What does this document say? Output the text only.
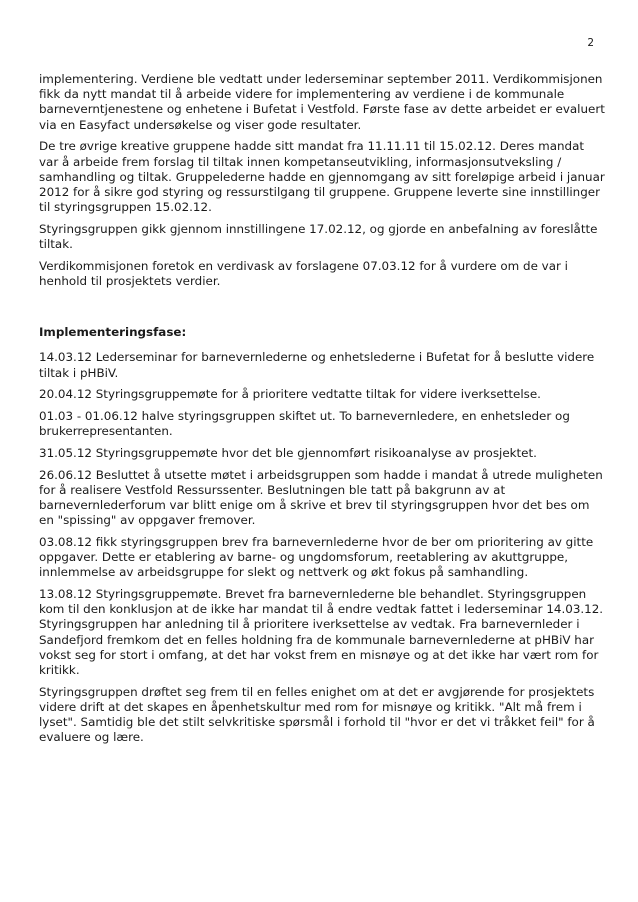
2

implementering. Verdiene ble vedtatt under lederseminar september 2011. Verdikommisjonen fikk da nytt mandat til å arbeide videre for implementering av verdiene i de kommunale barneverntjenestene og enhetene i Bufetat i Vestfold. Første fase av dette arbeidet er evaluert via en Easyfact undersøkelse og viser gode resultater.

De tre øvrige kreative gruppene hadde sitt mandat fra 11.11.11 til 15.02.12. Deres mandat var å arbeide frem forslag til tiltak innen kompetanseutvikling, informasjonsutveksling / samhandling og tiltak. Gruppelederne hadde en gjennomgang av sitt foreløpige arbeid i januar 2012 for å sikre god styring og ressurstilgang til gruppene. Gruppene leverte sine innstillinger til styringsgruppen 15.02.12.

Styringsgruppen gikk gjennom innstillingene 17.02.12, og gjorde en anbefalning av foreslåtte tiltak.

Verdikommisjonen foretok en verdivask av forslagene 07.03.12 for å vurdere om de var i henhold til prosjektets verdier.

Implementeringsfase:

14.03.12 Lederseminar for barnevernlederne og enhetslederne i Bufetat for å beslutte videre tiltak i pHBiV.

20.04.12 Styringsgruppemøte for å prioritere vedtatte tiltak for videre iverksettelse.

01.03 - 01.06.12 halve styringsgruppen skiftet ut. To barnevernledere, en enhetsleder og brukerrepresentanten.

31.05.12 Styringsgruppemøte hvor det ble gjennomført risikoanalyse av prosjektet.

26.06.12 Besluttet å utsette møtet i arbeidsgruppen som hadde i mandat å utrede muligheten for å realisere Vestfold Ressurssenter. Beslutningen ble tatt på bakgrunn av at barnevernlederforum var blitt enige om å skrive et brev til styringsgruppen hvor det bes om en "spissing" av oppgaver fremover.

03.08.12 fikk styringsgruppen brev fra barnevernlederne hvor de ber om prioritering av gitte oppgaver. Dette er etablering av barne- og ungdomsforum, reetablering av akuttgruppe, innlemmelse av arbeidsgruppe for slekt og nettverk og økt fokus på samhandling.

13.08.12 Styringsgruppemøte. Brevet fra barnevernlederne ble behandlet. Styringsgruppen kom til den konklusjon at de ikke har mandat til å endre vedtak fattet i lederseminar 14.03.12. Styringsgruppen har anledning til å prioritere iverksettelse av vedtak. Fra barnevernleder i Sandefjord fremkom det en felles holdning fra de kommunale barnevernlederne at pHBiV har vokst seg for stort i omfang, at det har vokst frem en misnøye og at det ikke har vært rom for kritikk.

Styringsgruppen drøftet seg frem til en felles enighet om at det er avgjørende for prosjektets videre drift at det skapes en åpenhetskultur med rom for misnøye og kritikk. "Alt må frem i lyset". Samtidig ble det stilt selvkritiske spørsmål i forhold til "hvor er det vi tråkket feil" for å evaluere og lære.
